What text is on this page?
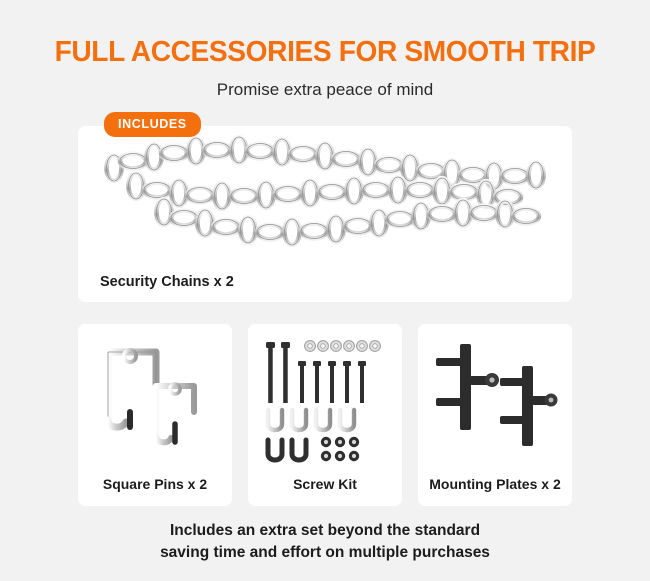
FULL ACCESSORIES FOR SMOOTH TRIP
Promise extra peace of mind
INCLUDES
Security Chains x 2
Square Pins x 2	Screw Kit	Mounting Plates x 2
Includes an extra set beyond the standard
saving time and effort on multiple purchases
